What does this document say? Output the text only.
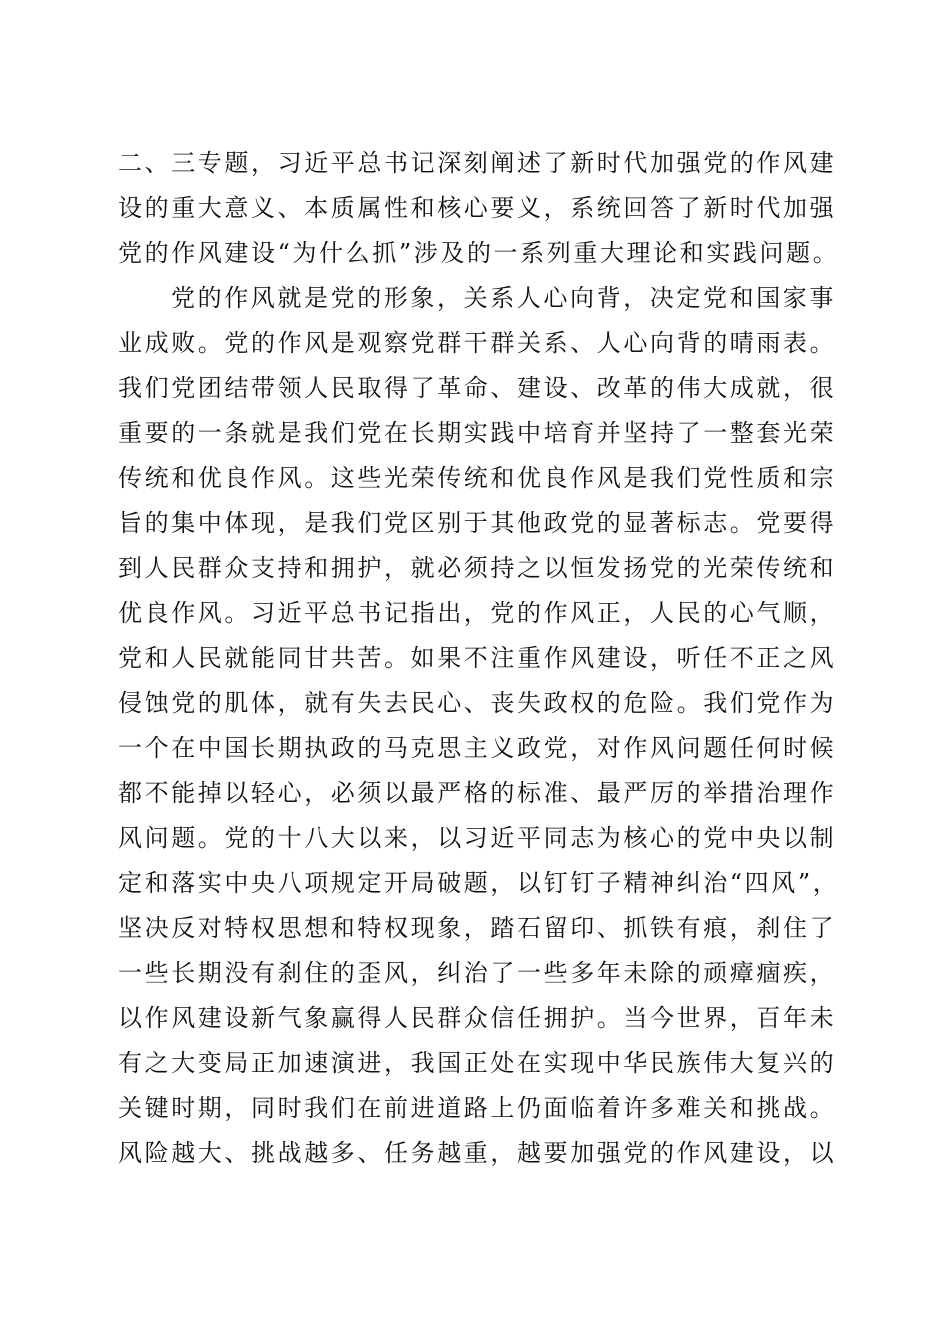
二、三专题，习近平总书记深刻阐述了新时代加强党的作风建
设的重大意义、本质属性和核心要义，系统回答了新时代加强
党的作风建设“为什么抓”涉及的一系列重大理论和实践问题。
党的作风就是党的形象，关系人心向背，决定党和国家事
业成败。党的作风是观察党群干群关系、人心向背的晴雨表。
我们党团结带领人民取得了革命、建设、改革的伟大成就，很
重要的一条就是我们党在长期实践中培育并坚持了一整套光荣
传统和优良作风。这些光荣传统和优良作风是我们党性质和宗
旨的集中体现，是我们党区别于其他政党的显著标志。党要得
到人民群众支持和拥护，就必须持之以恒发扬党的光荣传统和
优良作风。习近平总书记指出，党的作风正，人民的心气顺，
党和人民就能同甘共苦。如果不注重作风建设，听任不正之风
侵蚀党的肌体，就有失去民心、丧失政权的危险。我们党作为
一个在中国长期执政的马克思主义政党，对作风问题任何时候
都不能掉以轻心，必须以最严格的标准、最严厉的举措治理作
风问题。党的十八大以来，以习近平同志为核心的党中央以制
定和落实中央八项规定开局破题，以钉钉子精神纠治“四风”，
坚决反对特权思想和特权现象，踏石留印、抓铁有痕，刹住了
一些长期没有刹住的歪风，纠治了一些多年未除的顽瘴痼疾，
以作风建设新气象赢得人民群众信任拥护。当今世界，百年未
有之大变局正加速演进，我国正处在实现中华民族伟大复兴的
关键时期，同时我们在前进道路上仍面临着许多难关和挑战。
风险越大、挑战越多、任务越重，越要加强党的作风建设，以
